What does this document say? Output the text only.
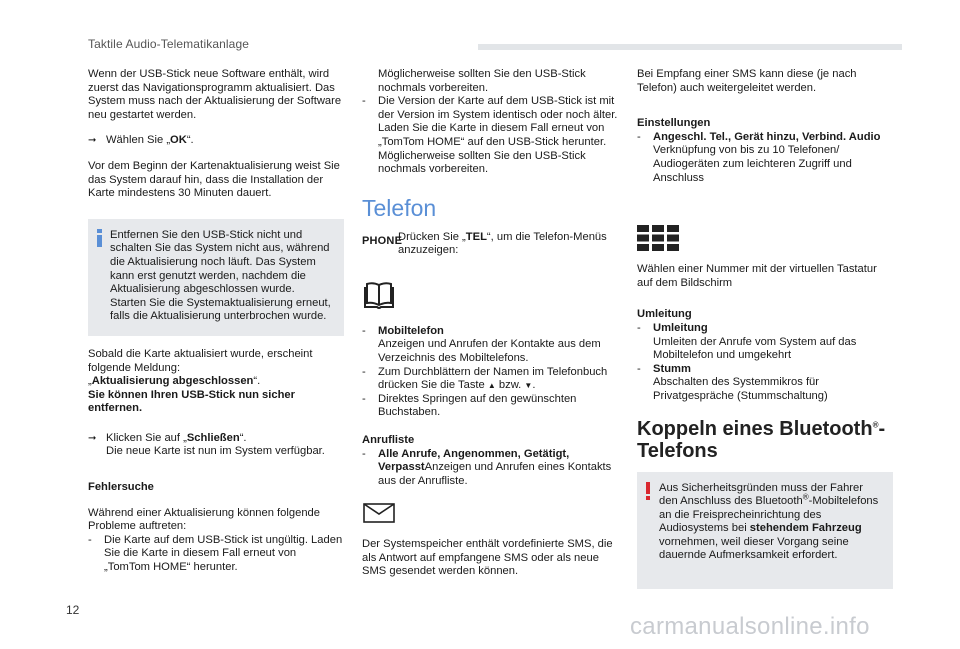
Taktile Audio-Telematikanlage

Wenn der USB-Stick neue Software enthält, wird zuerst das Navigationsprogramm aktualisiert. Das System muss nach der Aktualisierung der Software neu gestartet werden.

➞ Wählen Sie „OK“.

Vor dem Beginn der Kartenaktualisierung weist Sie das System darauf hin, dass die Installation der Karte mindestens 30 Minuten dauert.

Entfernen Sie den USB-Stick nicht und schalten Sie das System nicht aus, während die Aktualisierung noch läuft. Das System kann erst genutzt werden, nachdem die Aktualisierung abgeschlossen wurde. Starten Sie die Systemaktualisierung erneut, falls die Aktualisierung unterbrochen wurde.

Sobald die Karte aktualisiert wurde, erscheint folgende Meldung:
„Aktualisierung abgeschlossen“.
Sie können Ihren USB-Stick nun sicher entfernen.

➞ Klicken Sie auf „Schließen“.
Die neue Karte ist nun im System verfügbar.

Fehlersuche

Während einer Aktualisierung können folgende Probleme auftreten:

- Die Karte auf dem USB-Stick ist ungültig. Laden Sie die Karte in diesem Fall erneut von „TomTom HOME“ herunter.
Möglicherweise sollten Sie den USB-Stick nochmals vorbereiten.
- Die Version der Karte auf dem USB-Stick ist mit der Version im System identisch oder noch älter. Laden Sie die Karte in diesem Fall erneut von „TomTom HOME“ auf den USB-Stick herunter. Möglicherweise sollten Sie den USB-Stick nochmals vorbereiten.
Telefon
PHONE
Drücken Sie „TEL“, um die Telefon-Menüs anzuzeigen:
- Mobiltelefon
Anzeigen und Anrufen der Kontakte aus dem Verzeichnis des Mobiltelefons.
- Zum Durchblättern der Namen im Telefonbuch drücken Sie die Taste ▲ bzw. ▼.
- Direktes Springen auf den gewünschten Buchstaben.

Anrufliste

- Alle Anrufe, Angenommen, Getätigt, VerpasstAnzeigen und Anrufen eines Kontakts aus der Anrufliste.

Der Systemspeicher enthält vordefinierte SMS, die als Antwort auf empfangene SMS oder als neue SMS gesendet werden können.

Bei Empfang einer SMS kann diese (je nach Telefon) auch weitergeleitet werden.

Einstellungen

- Angeschl. Tel., Gerät hinzu, Verbind. Audio
Verknüpfung von bis zu 10 Telefonen/ Audiogeräten zum leichteren Zugriff und Anschluss

Wählen einer Nummer mit der virtuellen Tastatur auf dem Bildschirm

Umleitung

- Umleitung
Umleiten der Anrufe vom System auf das Mobiltelefon und umgekehrt
- Stumm
Abschalten des Systemmikros für Privatgespräche (Stummschaltung)
Koppeln eines Bluetooth®-Telefons
Aus Sicherheitsgründen muss der Fahrer den Anschluss des Bluetooth®-Mobiltelefons an die Freisprecheinrichtung des Audiosystems bei stehendem Fahrzeug vornehmen, weil dieser Vorgang seine dauernde Aufmerksamkeit erfordert.
12
carmanualsonline.info
